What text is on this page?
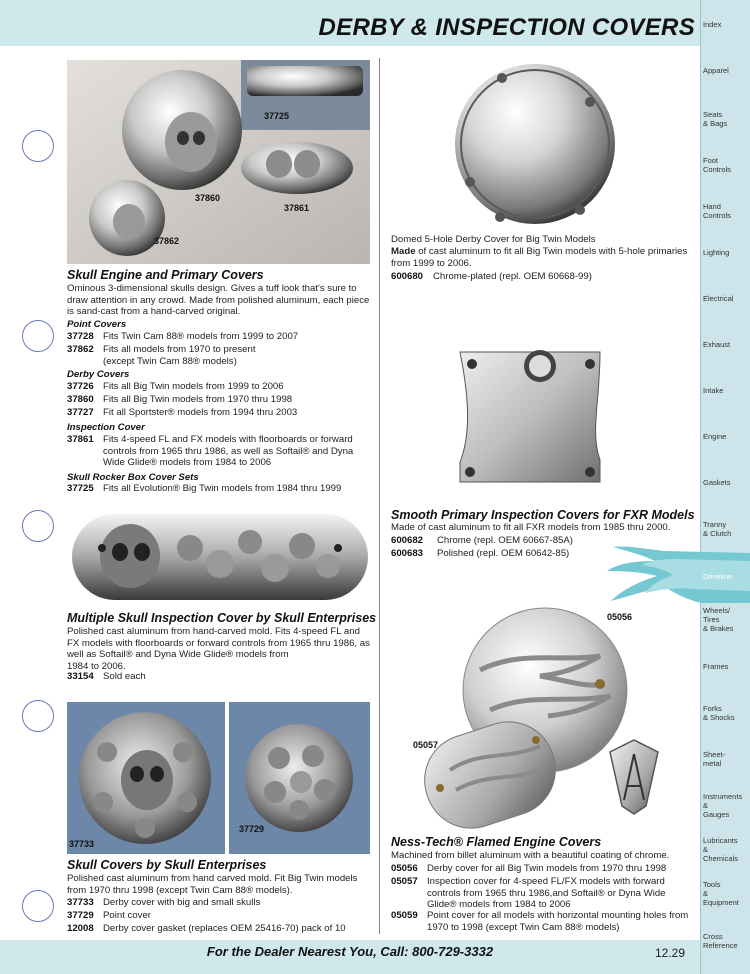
DERBY & INSPECTION COVERS Index
Apparel
Seats
& Bags
Foot
Controls
Hand
Controls
Lighting
Electrical
Exhaust
Intake
Engine
Gaskets
Tranny
& Clutch
Driveline
Wheels/
Tires
& Brakes
Frames
Forks
& Shocks
Sheet-
metal
Instruments
&
Gauges
Lubricants
&
Chemicals
Tools
&
Equipment
Cross
Reference
37725
37860
37861
37862
Skull Engine and Primary Covers
Ominous 3-dimensional skulls design. Gives a tuff look that's sure to draw attention in any crowd. Made from polished aluminum, each piece is sand-cast from a hand-carved original.
Point Covers
37728 Fits Twin Cam 88® models from 1999 to 2007
37862 Fits all models from 1970 to present
(except Twin Cam 88® models)
Derby Covers
37726 Fits all Big Twin models from 1999 to 2006
37860 Fits all Big Twin models from 1970 thru 1998
37727 Fit all Sportster® models from 1994 thru 2003
Inspection Cover
37861 Fits 4-speed FL and FX models with floorboards or forward controls from 1965 thru 1986, as well as Softail® and Dyna Wide Glide® models from 1984 to 2006
Skull Rocker Box Cover Sets
37725 Fits all Evolution® Big Twin models from 1984 thru 1999
Multiple Skull Inspection Cover by Skull Enterprises
Polished cast aluminum from hand-carved mold. Fits 4-speed FL and FX models with floorboards or forward controls from 1965 thru 1986, as well as Softail® and Dyna Wide Glide® models from
1984 to 2006.
33154 Sold each
37733
37729
Skull Covers by Skull Enterprises
Polished cast aluminum from hand carved mold. Fit Big Twin models from 1970 thru 1998 (except Twin Cam 88® models).
37733 Derby cover with big and small skulls
37729 Point cover
12008 Derby cover gasket (replaces OEM 25416-70) pack of 10
Domed 5-Hole Derby Cover for Big Twin Models
Made of cast aluminum to fit all Big Twin models with 5-hole primaries
from 1999 to 2006.
600680 Chrome-plated (repl. OEM 60668-99)
Smooth Primary Inspection Covers for FXR Models
Made of cast aluminum to fit all FXR models from 1985 thru 2000.
600682 Chrome (repl. OEM 60667-85A)
600683 Polished (repl. OEM 60642-85)
05056
05057
Ness-Tech® Flamed Engine Covers
Machined from billet aluminum with a beautiful coating of chrome.
05056 Derby cover for all Big Twin models from 1970 thru 1998
05057 Inspection cover for 4-speed FL/FX models with forward controls from 1965 thru 1986,and Softail® or Dyna Wide Glide® models from 1984 to 2006
05059 Point cover for all models with horizontal mounting holes from 1970 to 1998 (except Twin Cam 88® models)
For the Dealer Nearest You, Call: 800-729-3332	12.29
